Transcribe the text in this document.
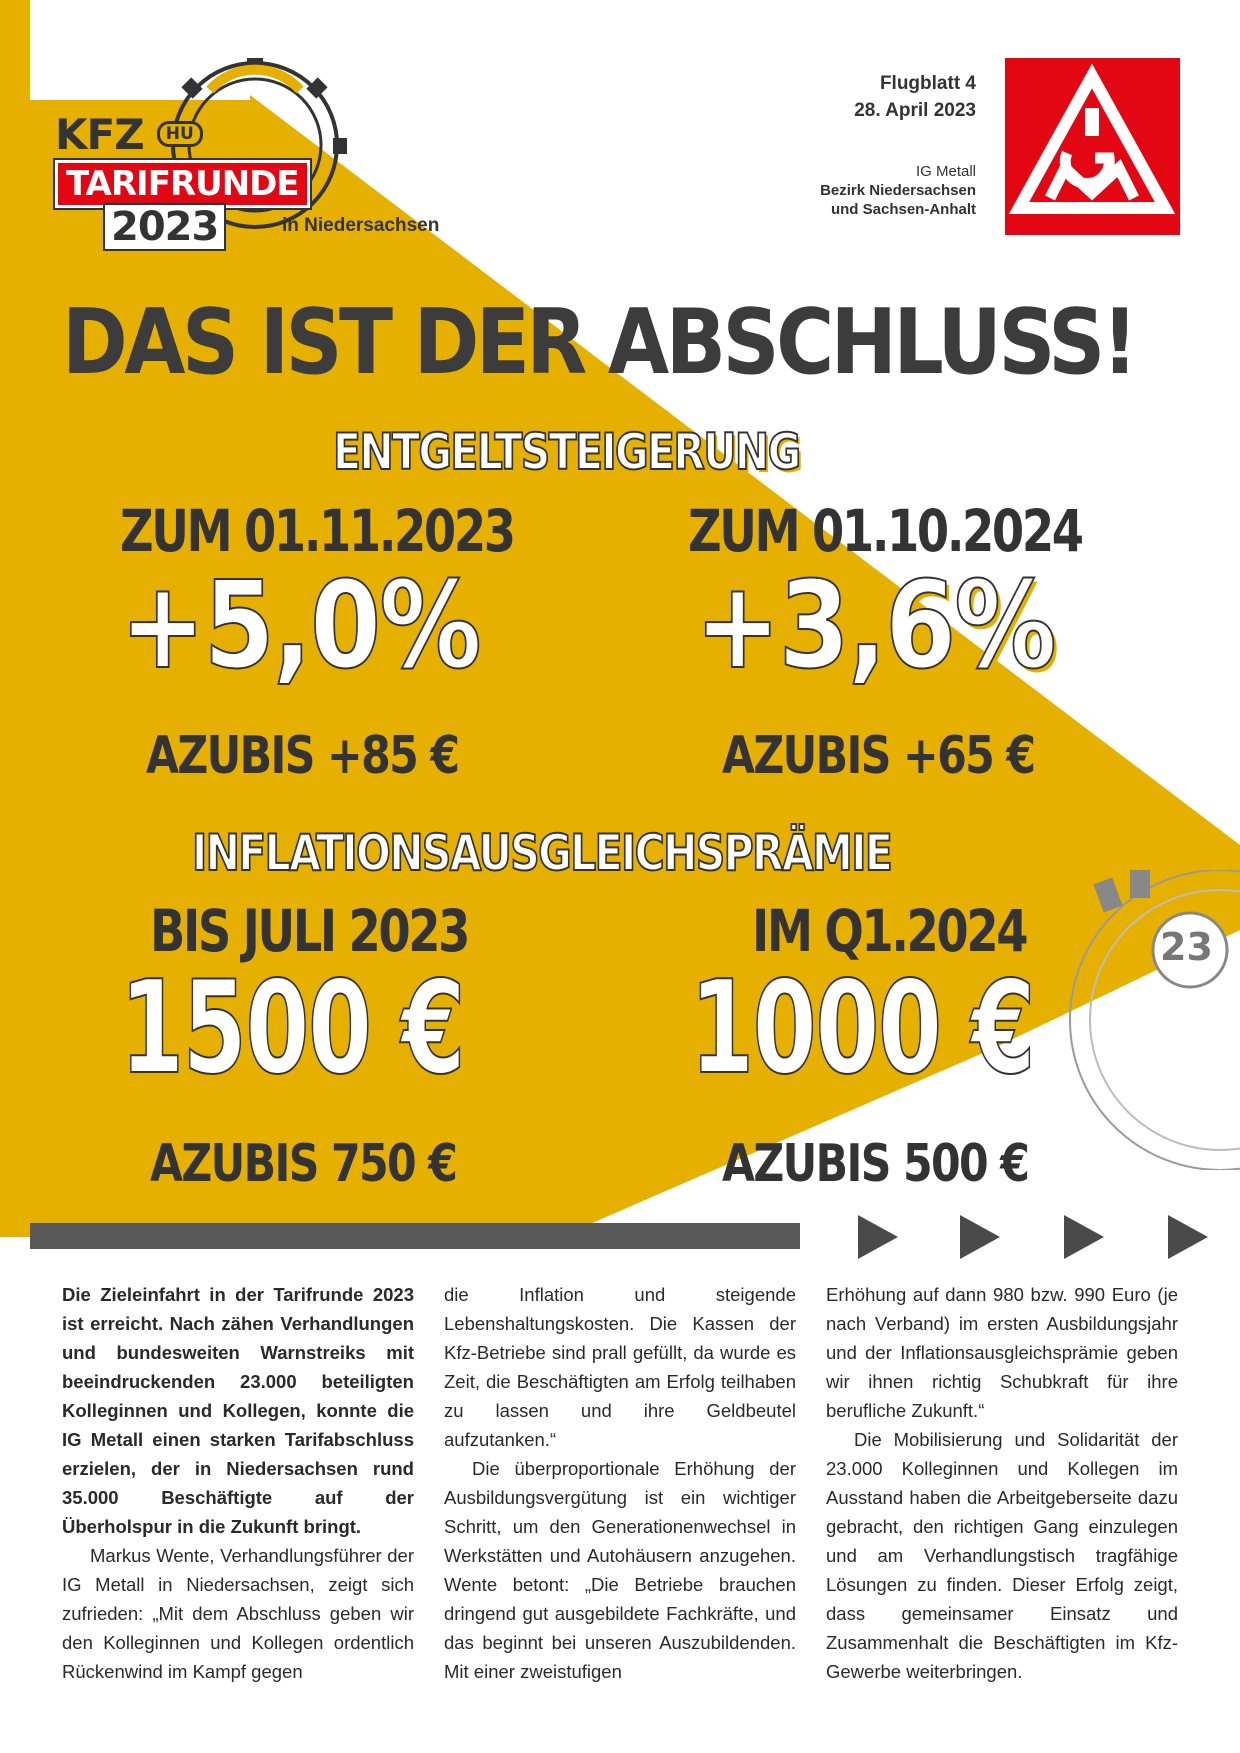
KFZ HU
TARIFRUNDE
2023	in Niedersachsen
Flugblatt 4
28. April 2023
IG Metall
Bezirk Niedersachsen
und Sachsen-Anhalt
DAS IST DER ABSCHLUSS!
ENTGELTSTEIGERUNG
ZUM 01.11.2023
+5,0%
AZUBIS +85 €
ZUM 01.10.2024
+3,6%
AZUBIS +65 €
INFLATIONSAUSGLEICHSPRÄMIE
23
BIS JULI 2023
1500 €
AZUBIS 750 €
IM Q1.2024
1000 €
AZUBIS 500 €

Die Zieleinfahrt in der Tarifrunde 2023 ist erreicht. Nach zähen Verhandlungen und bundesweiten Warnstreiks mit beeindruckenden 23.000 beteiligten Kolleginnen und Kollegen, konnte die IG Metall einen starken Tarifabschluss erzielen, der in Niedersachsen rund 35.000 Beschäftigte auf der Überholspur in die Zukunft bringt.

Markus Wente, Verhandlungsführer der IG Metall in Niedersachsen, zeigt sich zufrieden: „Mit dem Abschluss geben wir den Kolleginnen und Kollegen ordentlich Rückenwind im Kampf gegen

die Inflation und steigende Lebenshaltungskosten. Die Kassen der Kfz-Betriebe sind prall gefüllt, da wurde es Zeit, die Beschäftigten am Erfolg teilhaben zu lassen und ihre Geldbeutel aufzutanken.“

Die überproportionale Erhöhung der Ausbildungsvergütung ist ein wichtiger Schritt, um den Generationenwechsel in Werkstätten und Autohäusern anzugehen. Wente betont: „Die Betriebe brauchen dringend gut ausgebildete Fachkräfte, und das beginnt bei unseren Auszubildenden. Mit einer zweistufigen

Erhöhung auf dann 980 bzw. 990 Euro (je nach Verband) im ersten Ausbildungsjahr und der Inflationsausgleichsprämie geben wir ihnen richtig Schubkraft für ihre berufliche Zukunft.“

Die Mobilisierung und Solidarität der 23.000 Kolleginnen und Kollegen im Ausstand haben die Arbeitgeberseite dazu gebracht, den richtigen Gang einzulegen und am Verhandlungstisch tragfähige Lösungen zu finden. Dieser Erfolg zeigt, dass gemeinsamer Einsatz und Zusammenhalt die Beschäftigten im Kfz-Gewerbe weiterbringen.
